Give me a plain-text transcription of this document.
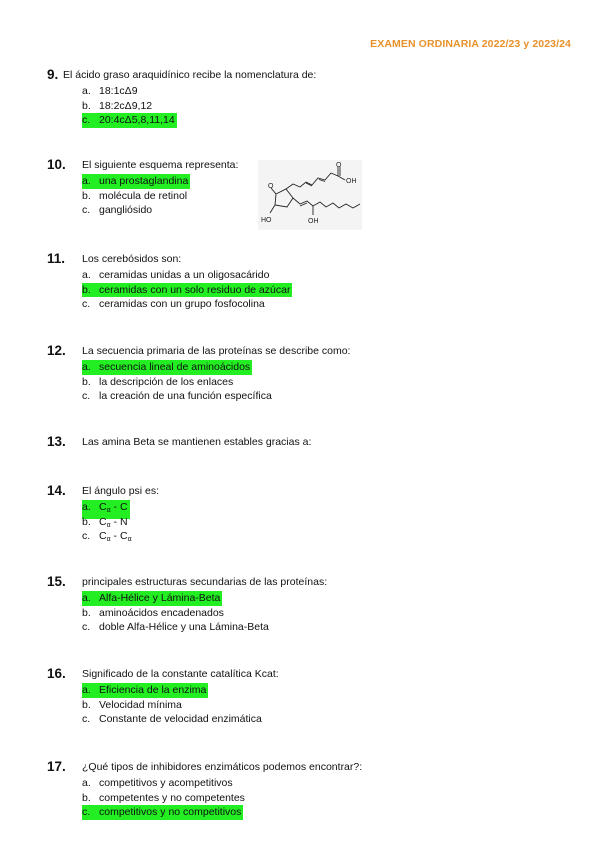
EXAMEN ORDINARIA 2022/23 y 2023/24
9. El ácido graso araquidínico recibe la nomenclatura de:
a. 18:1cΔ9
b. 18:2cΔ9,12
c. 20:4cΔ5,8,11,14
10. El siguiente esquema representa:
a. una prostaglandina
b. molécula de retinol
c. gangliósido
O
O
OH
HO	OH
11. Los cerebósidos son:
a. ceramidas unidas a un oligosacárido
b. ceramidas con un solo residuo de azúcar
c. ceramidas con un grupo fosfocolina
12. La secuencia primaria de las proteínas se describe como:
a. secuencia lineal de aminoácidos
b. la descripción de los enlaces
c. la creación de una función específica
13. Las amina Beta se mantienen estables gracias a:
14. El ángulo psi es:
a. $C_\alpha$ - C
b. $C_\alpha$ - N
c. $C_\alpha - C_\alpha$
15. principales estructuras secundarias de las proteínas:
a. Alfa-Hélice y Lámina-Beta
b. aminoácidos encadenados
c. doble Alfa-Hélice y una Lámina-Beta
16. Significado de la constante catalítica Kcat:
a. Eficiencia de la enzima
b. Velocidad mínima
c. Constante de velocidad enzimática
17. ¿Qué tipos de inhibidores enzimáticos podemos encontrar?:
a. competitivos y acompetitivos
b. competentes y no competentes
c. competitivos y no competitivos
